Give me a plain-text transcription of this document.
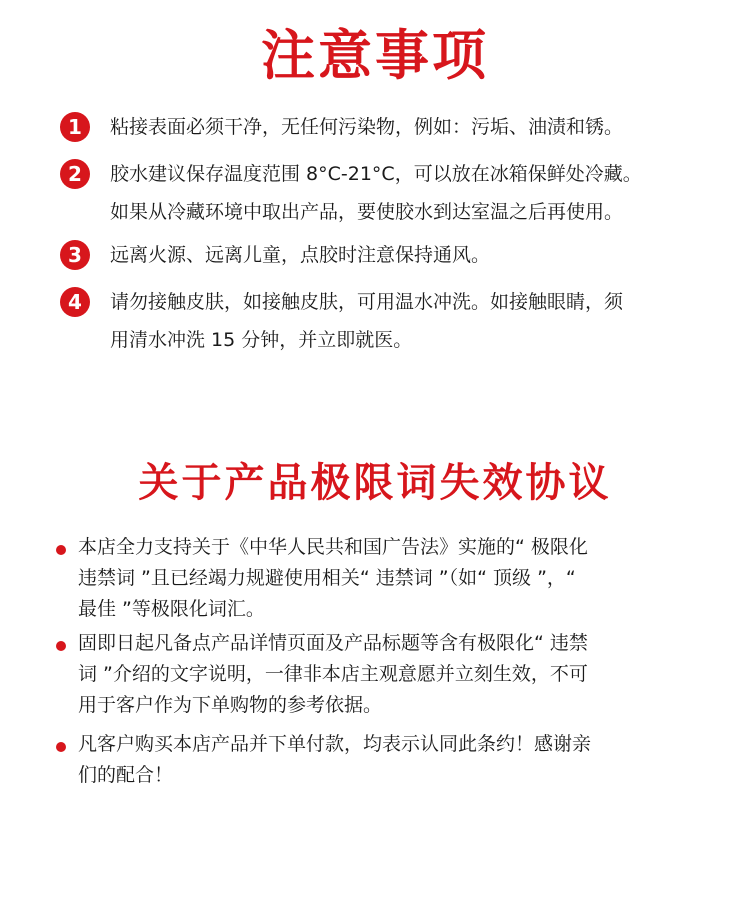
注意事项
1	粘接表面必须干净，无任何污染物，例如：污垢、油渍和锈。
2	胶水建议保存温度范围 8°C-21°C，可以放在冰箱保鲜处冷藏。
如果从冷藏环境中取出产品，要使胶水到达室温之后再使用。
3	远离火源、远离儿童，点胶时注意保持通风。
4	请勿接触皮肤，如接触皮肤，可用温水冲洗。如接触眼睛，须
用清水冲洗 15 分钟，并立即就医。
关于产品极限词失效协议
本店全力支持关于《中华人民共和国广告法》实施的“ 极限化
违禁词 ”且已经竭力规避使用相关“ 违禁词 ”（如“ 顶级 ”，“
最佳 ”等极限化词汇。
固即日起凡备点产品详情页面及产品标题等含有极限化“ 违禁
词 ”介绍的文字说明，一律非本店主观意愿并立刻生效，不可
用于客户作为下单购物的参考依据。
凡客户购买本店产品并下单付款，均表示认同此条约！感谢亲
们的配合！
